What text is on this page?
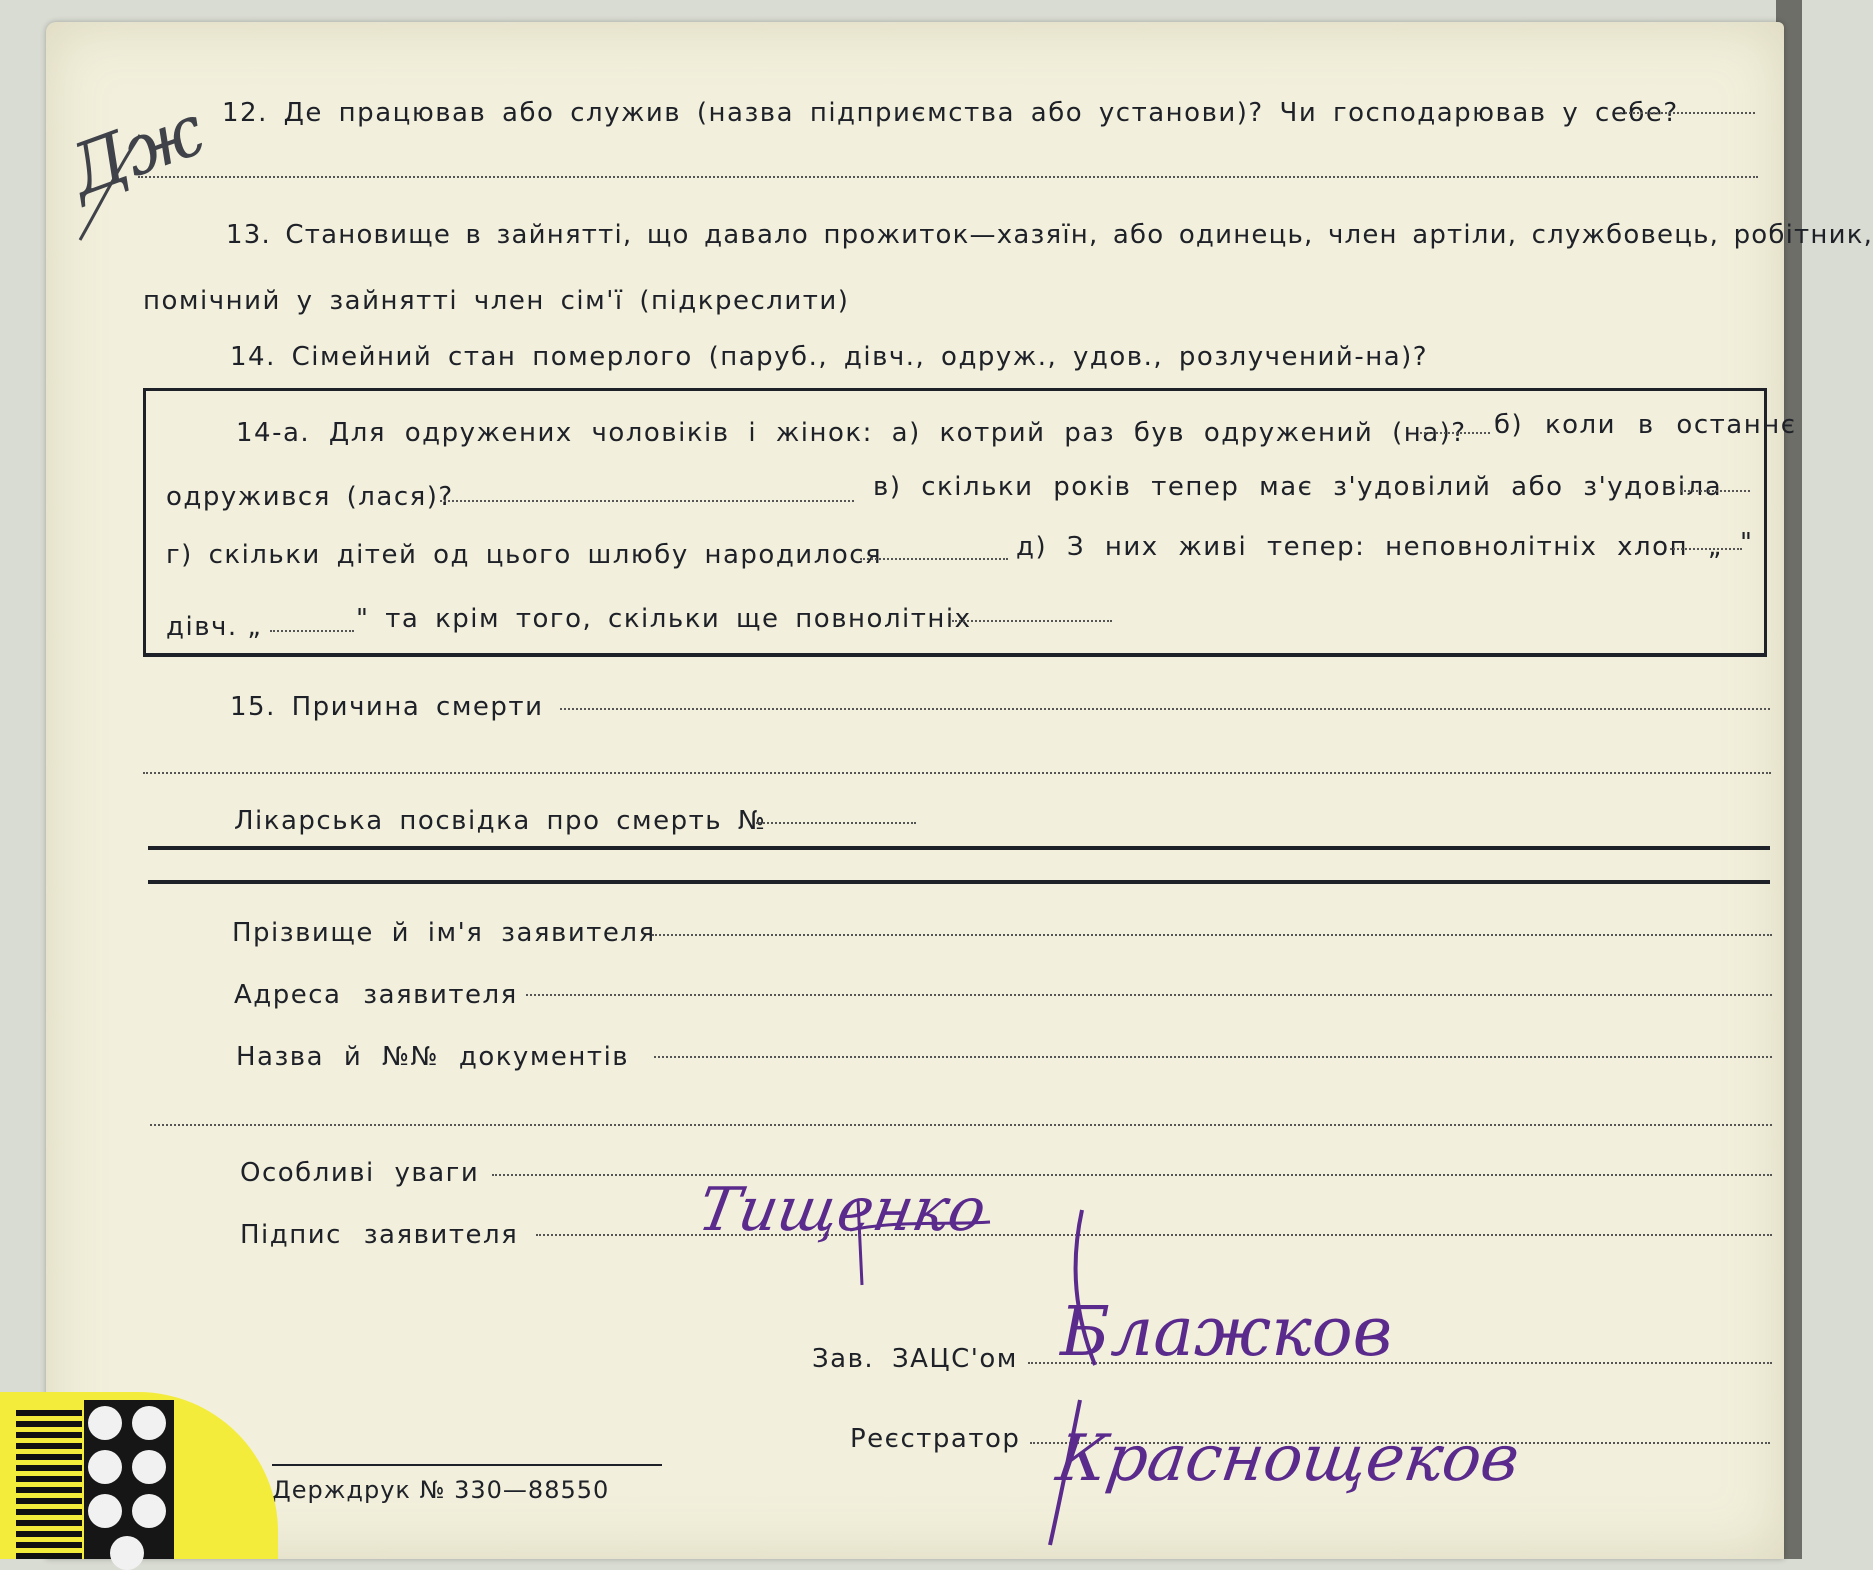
Дж 12. Де працював або служив (назва підприємства або установи)? Чи господарював у себе?
13. Становище в зайнятті, що давало прожиток—хазяїн, або одинець, член артіли, службовець, робітник,
помічний у зайнятті член сім'ї (підкреслити)
14. Сімейний стан померлого (паруб., дівч., одруж., удов., розлучений-на)?
14-а. Для одружених чоловіків і жінок: а) котрий раз був одружений (на)? б) коли в останнє
одружився (лася)?	в) скільки років тепер має з'удовілий або з'удовіла
г) скільки дітей од цього шлюбу народилося	д) З них живі тепер: неповнолітніх хлоп „ "
дівч. „	" та крім того, скільки ще повнолітніх
15. Причина смерти
Лікарська посвідка про смерть №
Прізвище й ім'я заявителя
Адреса заявителя
Назва й №№ документів
Особливі уваги
Підпис заявителя	Тищенко
Зав. ЗАЦС'ом Блажков
Реєстратор Краснощеков
Держдрук № 330—88550
